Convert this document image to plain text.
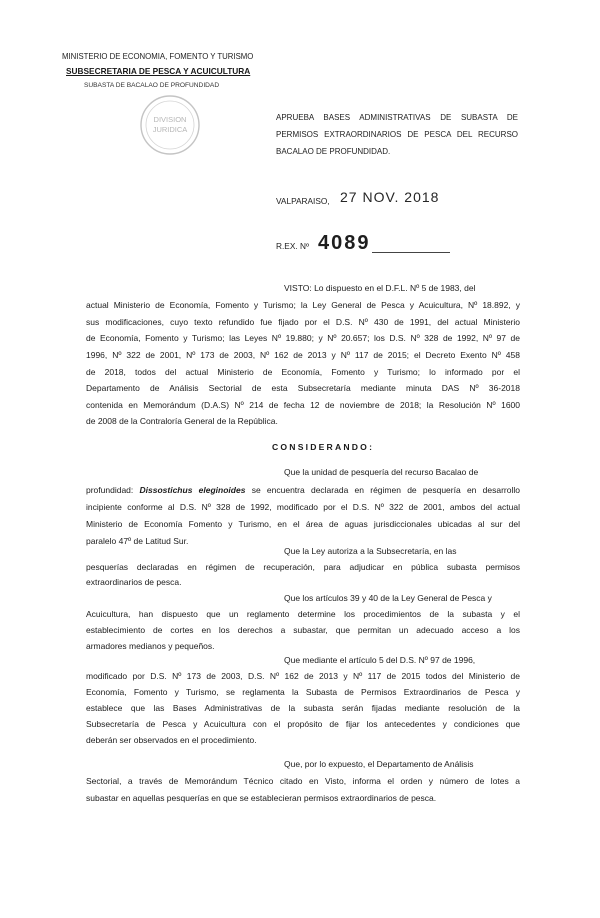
MINISTERIO DE ECONOMIA, FOMENTO Y TURISMO
SUBSECRETARIA DE PESCA Y ACUICULTURA
SUBASTA DE BACALAO DE PROFUNDIDAD
DIVISION
JURIDICA
APRUEBA BASES ADMINISTRATIVAS DE SUBASTA DE
PERMISOS EXTRAORDINARIOS DE PESCA DEL RECURSO
BACALAO DE PROFUNDIDAD.
VALPARAISO, 27 NOV. 2018
R.EX. Nº 4089
VISTO: Lo dispuesto en el D.F.L. Nº 5 de 1983, del
actual Ministerio de Economía, Fomento y Turismo; la Ley General de Pesca y Acuicultura, Nº 18.892, y
sus modificaciones, cuyo texto refundido fue fijado por el D.S. Nº 430 de 1991, del actual Ministerio
de Economía, Fomento y Turismo; las Leyes Nº 19.880; y Nº 20.657; los D.S. Nº 328 de 1992, Nº 97 de
1996, Nº 322 de 2001, Nº 173 de 2003, Nº 162 de 2013 y Nº 117 de 2015; el Decreto Exento Nº 458
de 2018, todos del actual Ministerio de Economía, Fomento y Turismo; lo informado por el
Departamento de Análisis Sectorial de esta Subsecretaría mediante minuta DAS Nº 36-2018
contenida en Memorándum (D.A.S) Nº 214 de fecha 12 de noviembre de 2018; la Resolución Nº 1600
de 2008 de la Contraloría General de la República.
CONSIDERANDO:
Que la unidad de pesquería del recurso Bacalao de
profundidad: Dissostichus eleginoides se encuentra declarada en régimen de pesquería en desarrollo
incipiente conforme al D.S. Nº 328 de 1992, modificado por el D.S. Nº 322 de 2001, ambos del actual
Ministerio de Economía Fomento y Turismo, en el área de aguas jurisdiccionales ubicadas al sur del
paralelo 47º de Latitud Sur.
Que la Ley autoriza a la Subsecretaría, en las
pesquerías declaradas en régimen de recuperación, para adjudicar en pública subasta permisos
extraordinarios de pesca.
Que los artículos 39 y 40 de la Ley General de Pesca y
Acuicultura, han dispuesto que un reglamento determine los procedimientos de la subasta y el
establecimiento de cortes en los derechos a subastar, que permitan un adecuado acceso a los
armadores medianos y pequeños.
Que mediante el artículo 5 del D.S. Nº 97 de 1996,
modificado por D.S. Nº 173 de 2003, D.S. Nº 162 de 2013 y Nº 117 de 2015 todos del Ministerio de
Economía, Fomento y Turismo, se reglamenta la Subasta de Permisos Extraordinarios de Pesca y
establece que las Bases Administrativas de la subasta serán fijadas mediante resolución de la
Subsecretaría de Pesca y Acuicultura con el propósito de fijar los antecedentes y condiciones que
deberán ser observados en el procedimiento.
Que, por lo expuesto, el Departamento de Análisis
Sectorial, a través de Memorándum Técnico citado en Visto, informa el orden y número de lotes a
subastar en aquellas pesquerías en que se establecieran permisos extraordinarios de pesca.
